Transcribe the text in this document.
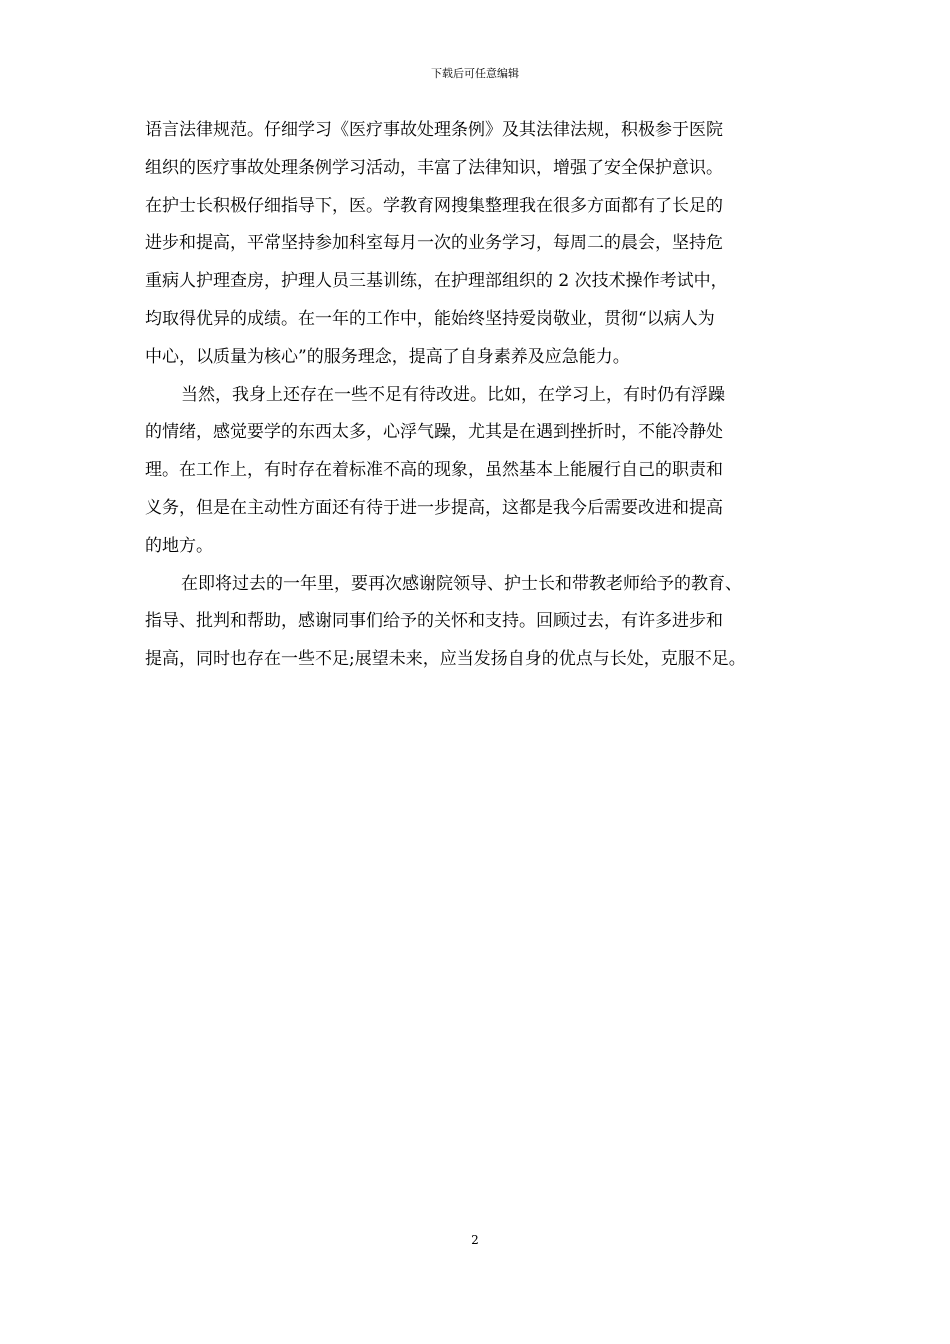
下载后可任意编辑
语言法律规范。仔细学习《医疗事故处理条例》及其法律法规，积极参于医院
组织的医疗事故处理条例学习活动，丰富了法律知识，增强了安全保护意识。
在护士长积极仔细指导下，医。学教育网搜集整理我在很多方面都有了长足的
进步和提高，平常坚持参加科室每月一次的业务学习，每周二的晨会，坚持危
重病人护理查房，护理人员三基训练，在护理部组织的 2 次技术操作考试中，
均取得优异的成绩。在一年的工作中，能始终坚持爱岗敬业，贯彻“以病人为
中心，以质量为核心”的服务理念，提高了自身素养及应急能力。
当然，我身上还存在一些不足有待改进。比如，在学习上，有时仍有浮躁
的情绪，感觉要学的东西太多，心浮气躁，尤其是在遇到挫折时，不能冷静处
理。在工作上，有时存在着标准不高的现象，虽然基本上能履行自己的职责和
义务，但是在主动性方面还有待于进一步提高，这都是我今后需要改进和提高
的地方。
在即将过去的一年里，要再次感谢院领导、护士长和带教老师给予的教育、
指导、批判和帮助，感谢同事们给予的关怀和支持。回顾过去，有许多进步和
提高，同时也存在一些不足;展望未来，应当发扬自身的优点与长处，克服不足。
2
